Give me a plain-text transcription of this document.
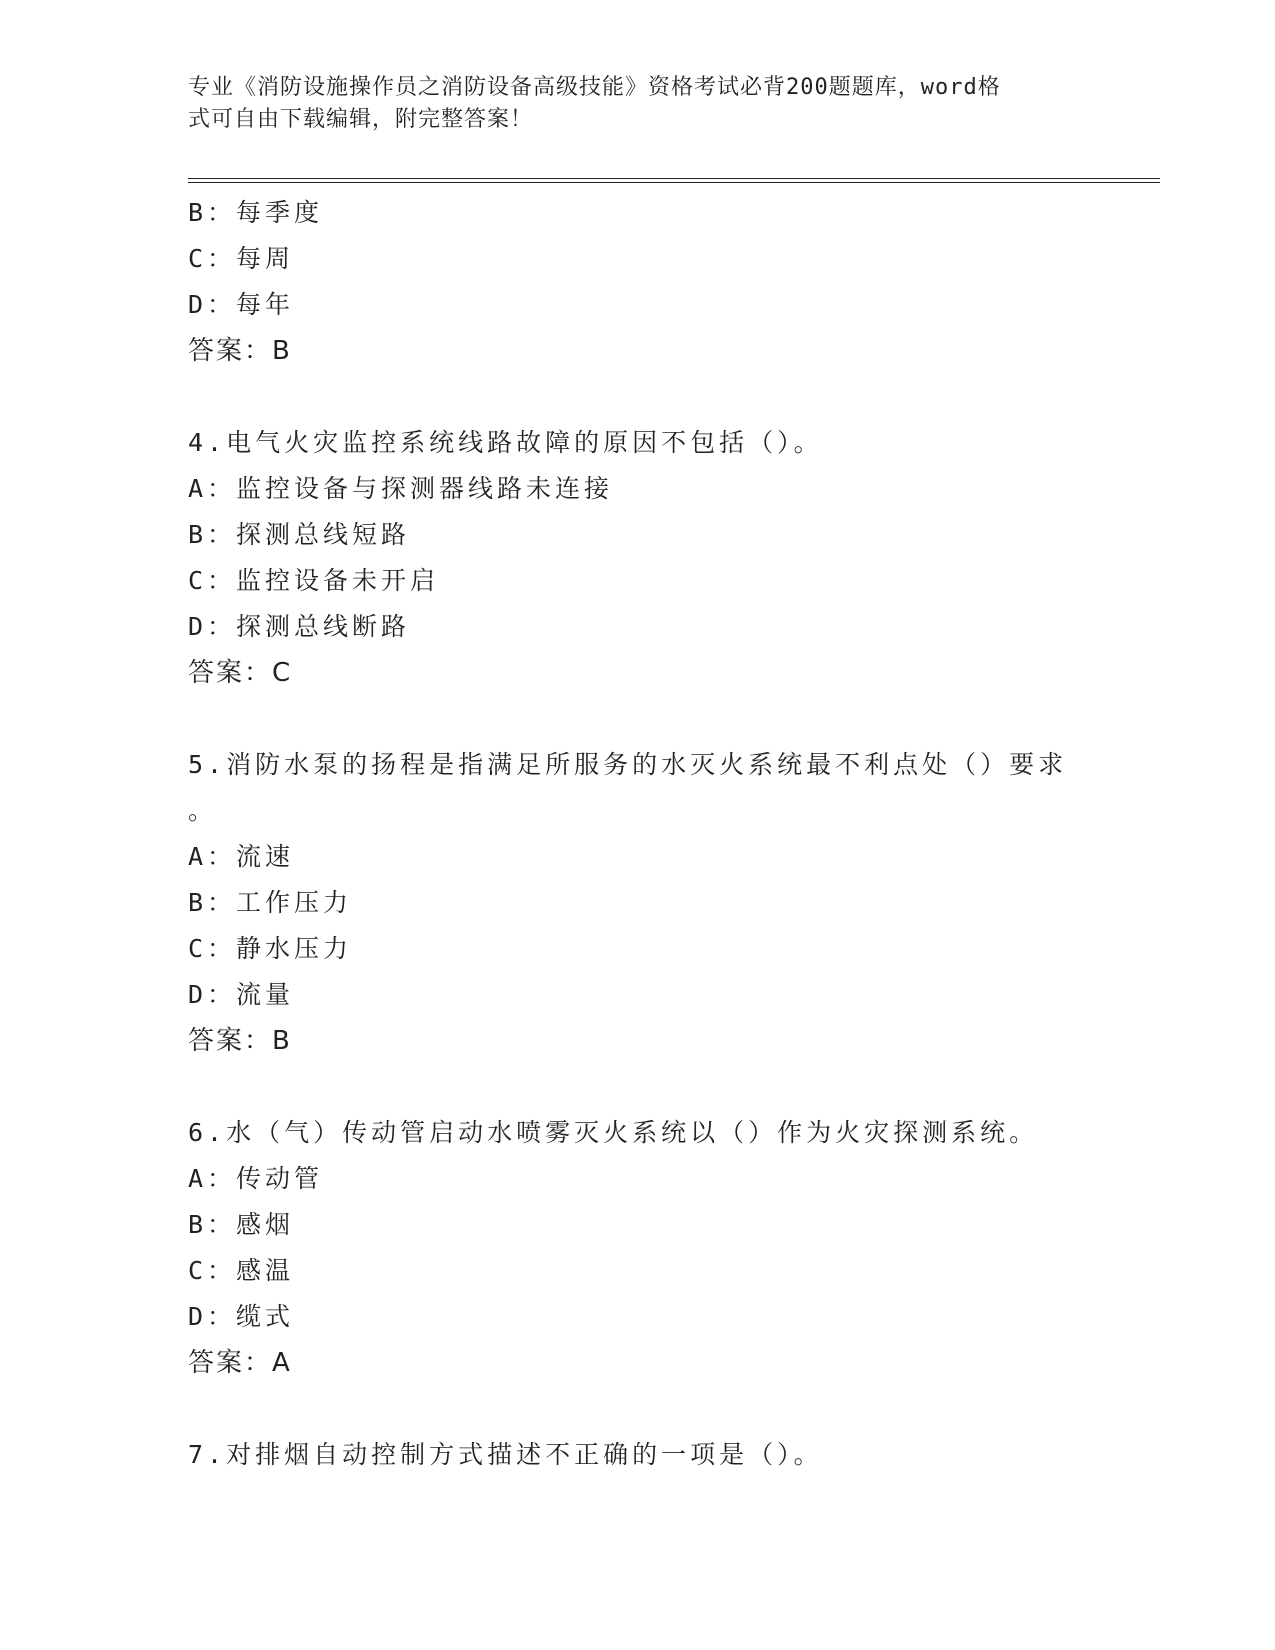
专业《消防设施操作员之消防设备高级技能》资格考试必背200题题库，word格
式可自由下载编辑，附完整答案！
B：每季度
C：每周
D：每年
答案：B
4.电气火灾监控系统线路故障的原因不包括（）。
A：监控设备与探测器线路未连接
B：探测总线短路
C：监控设备未开启
D：探测总线断路
答案：C
5.消防水泵的扬程是指满足所服务的水灭火系统最不利点处（）要求
。
A：流速
B：工作压力
C：静水压力
D：流量
答案：B
6.水（气）传动管启动水喷雾灭火系统以（）作为火灾探测系统。
A：传动管
B：感烟
C：感温
D：缆式
答案：A
7.对排烟自动控制方式描述不正确的一项是（）。
